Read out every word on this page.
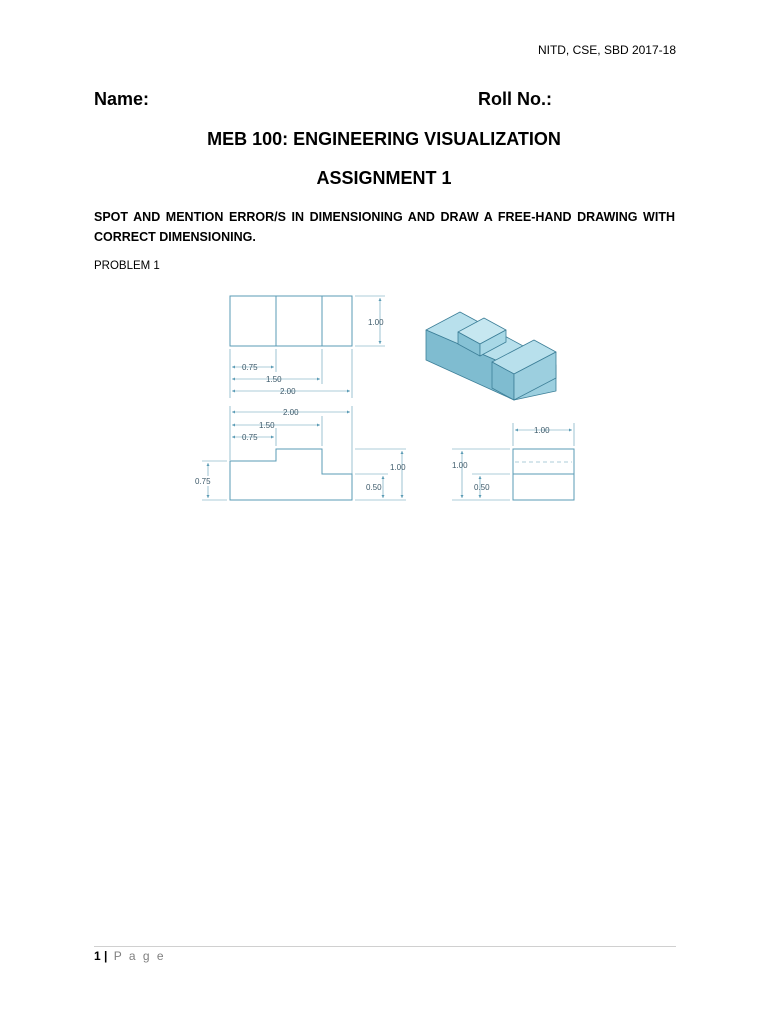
NITD, CSE, SBD 2017-18
Name:	Roll No.:
MEB 100: ENGINEERING VISUALIZATION
ASSIGNMENT 1
SPOT AND MENTION ERROR/S IN DIMENSIONING AND DRAW A FREE-HAND DRAWING WITH CORRECT DIMENSIONING.
PROBLEM 1
1.00
0.75
1.50
2.00
2.00
1.50
0.75
0.75
1.00
0.50
1.00
1.00
0.50
1 | P a g e
